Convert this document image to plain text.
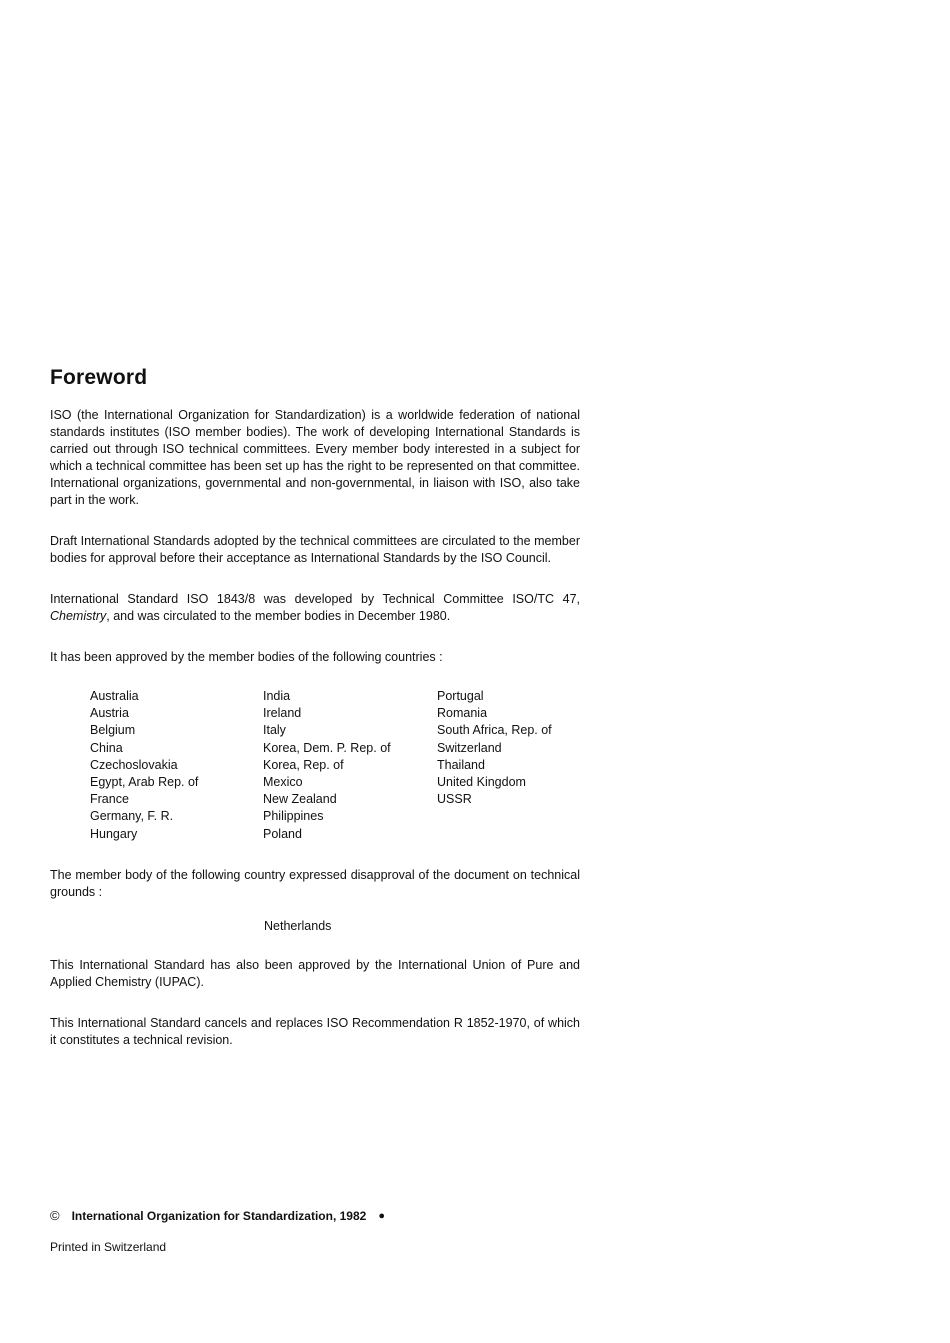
Foreword

ISO (the International Organization for Standardization) is a worldwide federation of national standards institutes (ISO member bodies). The work of developing International Standards is carried out through ISO technical committees. Every member body interested in a subject for which a technical committee has been set up has the right to be represented on that committee. International organizations, governmental and non-governmental, in liaison with ISO, also take part in the work.

Draft International Standards adopted by the technical committees are circulated to the member bodies for approval before their acceptance as International Standards by the ISO Council.

International Standard ISO 1843/8 was developed by Technical Committee ISO/TC 47, Chemistry, and was circulated to the member bodies in December 1980.

It has been approved by the member bodies of the following countries :

Australia
Austria
Belgium
China
Czechoslovakia
Egypt, Arab Rep. of
France
Germany, F. R.
Hungary
India
Ireland
Italy
Korea, Dem. P. Rep. of
Korea, Rep. of
Mexico
New Zealand
Philippines
Poland
Portugal
Romania
South Africa, Rep. of
Switzerland
Thailand
United Kingdom
USSR

The member body of the following country expressed disapproval of the document on technical grounds :

Netherlands

This International Standard has also been approved by the International Union of Pure and Applied Chemistry (IUPAC).

This International Standard cancels and replaces ISO Recommendation R 1852-1970, of which it constitutes a technical revision.

© International Organization for Standardization, 1982 ●
Printed in Switzerland
